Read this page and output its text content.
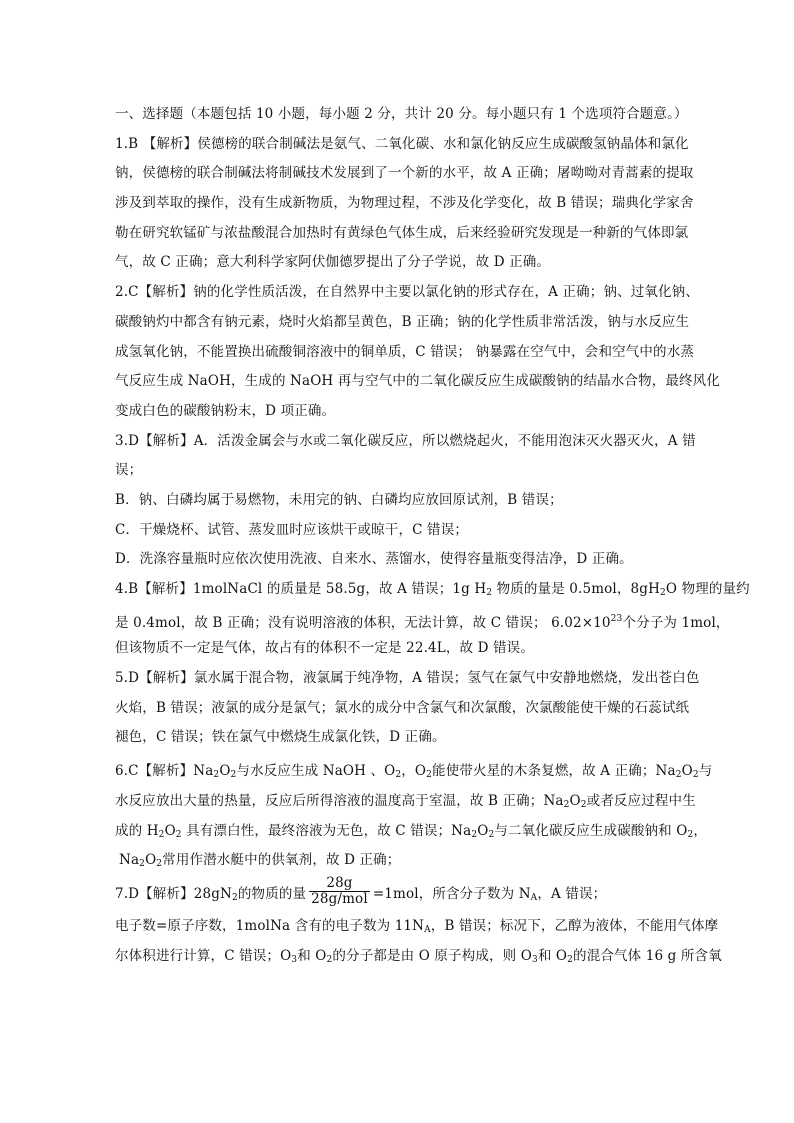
一、选择题（本题包括 10 小题，每小题 2 分，共计 20 分。每小题只有 1 个选项符合题意。）
1.B 【解析】侯德榜的联合制碱法是氨气、二氧化碳、水和氯化钠反应生成碳酸氢钠晶体和氯化
钠，侯德榜的联合制碱法将制碱技术发展到了一个新的水平，故 A 正确；屠呦呦对青蒿素的提取
涉及到萃取的操作，没有生成新物质，为物理过程，不涉及化学变化，故 B 错误；瑞典化学家舍
勒在研究软锰矿与浓盐酸混合加热时有黄绿色气体生成，后来经验研究发现是一种新的气体即氯
气，故 C 正确；意大利科学家阿伏伽德罗提出了分子学说，故 D 正确。
2.C【解析】钠的化学性质活泼，在自然界中主要以氯化钠的形式存在，A 正确；钠、过氧化钠、
碳酸钠灼中都含有钠元素，烧时火焰都呈黄色，B 正确；钠的化学性质非常活泼，钠与水反应生
成氢氧化钠，不能置换出硫酸铜溶液中的铜单质，C 错误； 钠暴露在空气中，会和空气中的水蒸
气反应生成 NaOH，生成的 NaOH 再与空气中的二氧化碳反应生成碳酸钠的结晶水合物，最终风化
变成白色的碳酸钠粉末，D 项正确。
3.D【解析】A．活泼金属会与水或二氧化碳反应，所以燃烧起火，不能用泡沫灭火器灭火，A 错
误；
B．钠、白磷均属于易燃物，未用完的钠、白磷均应放回原试剂，B 错误；
C．干燥烧杯、试管、蒸发皿时应该烘干或晾干，C 错误；
D．洗涤容量瓶时应依次使用洗液、自来水、蒸馏水，使得容量瓶变得洁净，D 正确。
4.B【解析】1molNaCl 的质量是 58.5g，故 A 错误；1g $H_2$ 物质的量是 0.5mol，$8gH_2O$ 物理的量约
是 0.4mol，故 B 正确；没有说明溶液的体积，无法计算，故 C 错误； $6.02\times 10^{23}$个分子为 1mol，
但该物质不一定是气体，故占有的体积不一定是 22.4L，故 D 错误。
5.D【解析】氯水属于混合物，液氯属于纯净物，A 错误；氢气在氯气中安静地燃烧，发出苍白色
火焰，B 错误；液氯的成分是氯气；氯水的成分中含氯气和次氯酸，次氯酸能使干燥的石蕊试纸
褪色，C 错误；铁在氯气中燃烧生成氯化铁，D 正确。
6.C【解析】$Na_2O_2$与水反应生成 NaOH 、$O_2$，$O_2$能使带火星的木条复燃，故 A 正确；$Na_2O_2$与
水反应放出大量的热量，反应后所得溶液的温度高于室温，故 B 正确；$Na_2O_2$或者反应过程中生
成的 $H_2O_2$ 具有漂白性，最终溶液为无色，故 C 错误；$Na_2O_2$与二氧化碳反应生成碳酸钠和 $O_2$，
$Na_2O_2$常用作潜水艇中的供氧剂，故 D 正确；
7.D【解析】$28gN_2$的物质的量 $\frac{28g}{\text{28g/mol}} =1mol$，所含分子数为 $N_A$，A 错误；
电子数=原子序数，1molNa 含有的电子数为 $11N_A$，B 错误；标况下，乙醇为液体，不能用气体摩
尔体积进行计算，C 错误；$O_3$和 $O_2$的分子都是由 O 原子构成，则 $O_3$和 $O_2$的混合气体 16 g 所含氧
